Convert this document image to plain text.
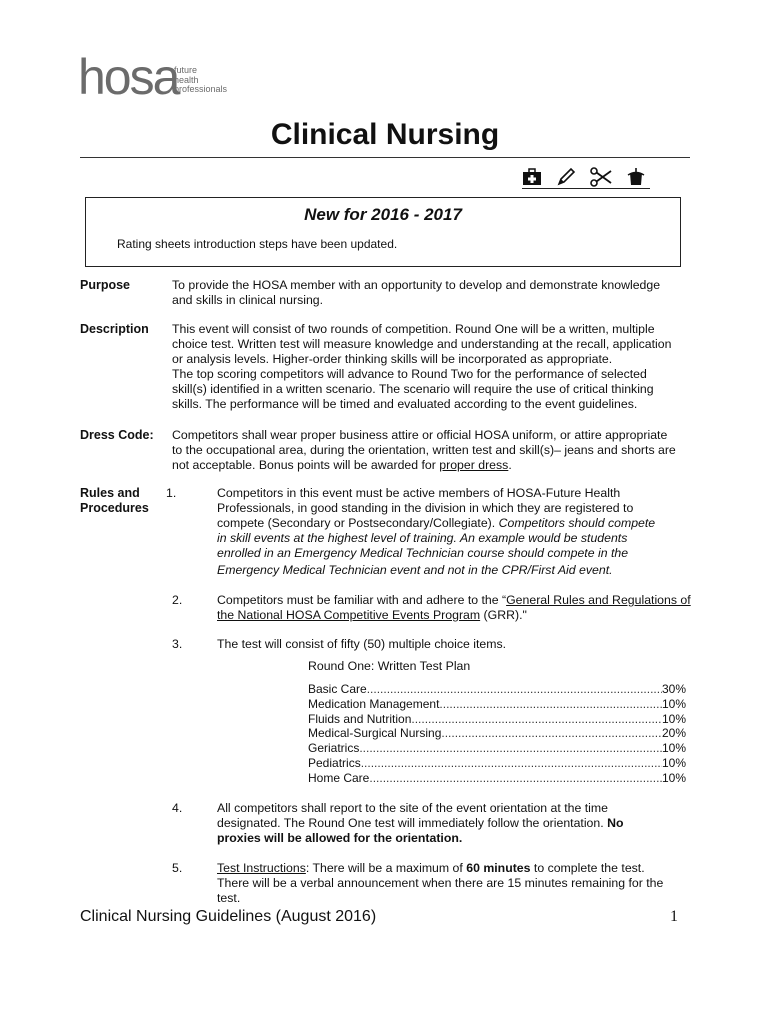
hosa
future
health
professionals
Clinical Nursing
New for 2016 - 2017
Rating sheets introduction steps have been updated.
Purpose	To provide the HOSA member with an opportunity to develop and demonstrate knowledge
and skills in clinical nursing.
Description This event will consist of two rounds of competition. Round One will be a written, multiple
choice test. Written test will measure knowledge and understanding at the recall, application
or analysis levels. Higher-order thinking skills will be incorporated as appropriate.
The top scoring competitors will advance to Round Two for the performance of selected
skill(s) identified in a written scenario. The scenario will require the use of critical thinking
skills. The performance will be timed and evaluated according to the event guidelines.
Dress Code: Competitors shall wear proper business attire or official HOSA uniform, or attire appropriate
to the occupational area, during the orientation, written test and skill(s)– jeans and shorts are
not acceptable. Bonus points will be awarded for proper dress.
Rules and
Procedures
1.	Competitors in this event must be active members of HOSA-Future Health
Professionals, in good standing in the division in which they are registered to
compete (Secondary or Postsecondary/Collegiate). Competitors should compete
in skill events at the highest level of training. An example would be students
enrolled in an Emergency Medical Technician course should compete in the
Emergency Medical Technician event and not in the CPR/First Aid event.
2.	Competitors must be familiar with and adhere to the “General Rules and Regulations of
the National HOSA Competitive Events Program (GRR)."
3.	The test will consist of fifty (50) multiple choice items.
Round One: Written Test Plan
Basic Care .....	30%
Medication Management .....	10%
Fluids and Nutrition .....	10%
Medical-Surgical Nursing .....	20%
Geriatrics .....	10%
Pediatrics .....	10%
Home Care .....	10%
4.	All competitors shall report to the site of the event orientation at the time
designated. The Round One test will immediately follow the orientation. No
proxies will be allowed for the orientation.
5.	Test Instructions: There will be a maximum of 60 minutes to complete the test.
There will be a verbal announcement when there are 15 minutes remaining for the
test.
Clinical Nursing Guidelines (August 2016)	1
